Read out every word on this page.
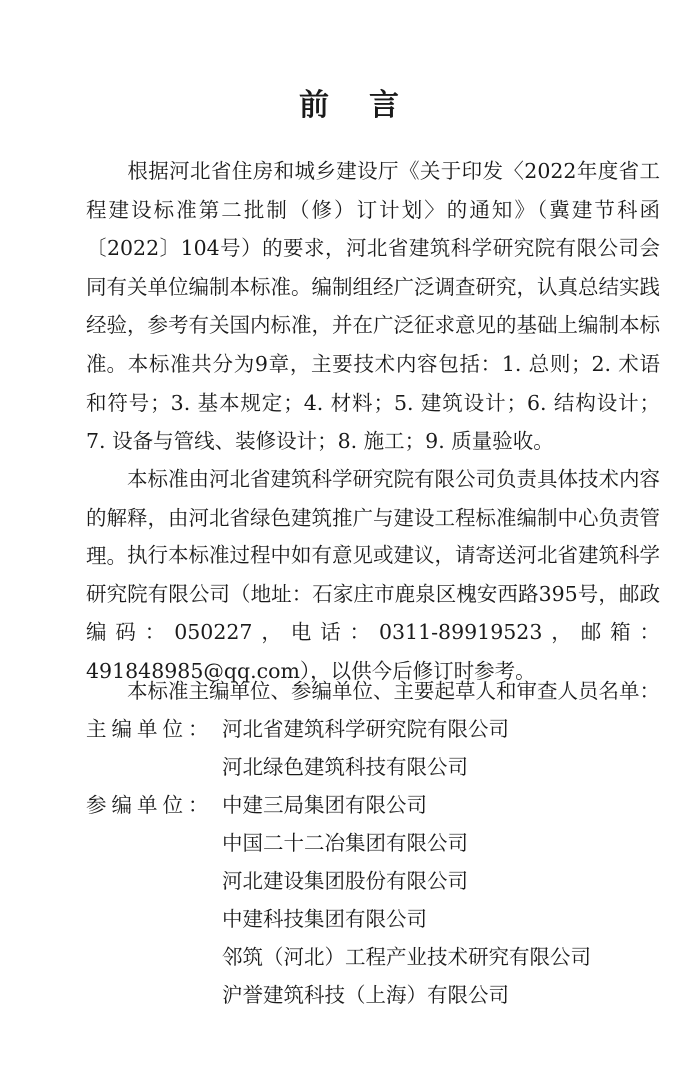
前 言
根据河北省住房和城乡建设厅《关于印发〈2022年度省工程建设标准第二批制（修）订计划〉的通知》（冀建节科函〔2022〕104号）的要求，河北省建筑科学研究院有限公司会同有关单位编制本标准。编制组经广泛调查研究，认真总结实践经验，参考有关国内标准，并在广泛征求意见的基础上编制本标准。 本标准共分为9章，主要技术内容包括：1. 总则；2. 术语和符号；3. 基本规定；4. 材料；5. 建筑设计；6. 结构设计；7. 设备与管线、装修设计；8. 施工；9. 质量验收。
本标准由河北省建筑科学研究院有限公司负责具体技术内容的解释，由河北省绿色建筑推广与建设工程标准编制中心负责管理。 执行本标准过程中如有意见或建议，请寄送河北省建筑科学研究院有限公司（地址：石家庄市鹿泉区槐安西路395号，邮政编码：050227，电话：0311-89919523，邮箱：491848985@qq.com），以供今后修订时参考。
本标准主编单位、参编单位、主要起草人和审查人员名单：
主编单位： 河北省建筑科学研究院有限公司
河北绿色建筑科技有限公司
参编单位： 中建三局集团有限公司
中国二十二冶集团有限公司
河北建设集团股份有限公司
中建科技集团有限公司
邻筑（河北）工程产业技术研究有限公司
沪誉建筑科技（上海）有限公司
